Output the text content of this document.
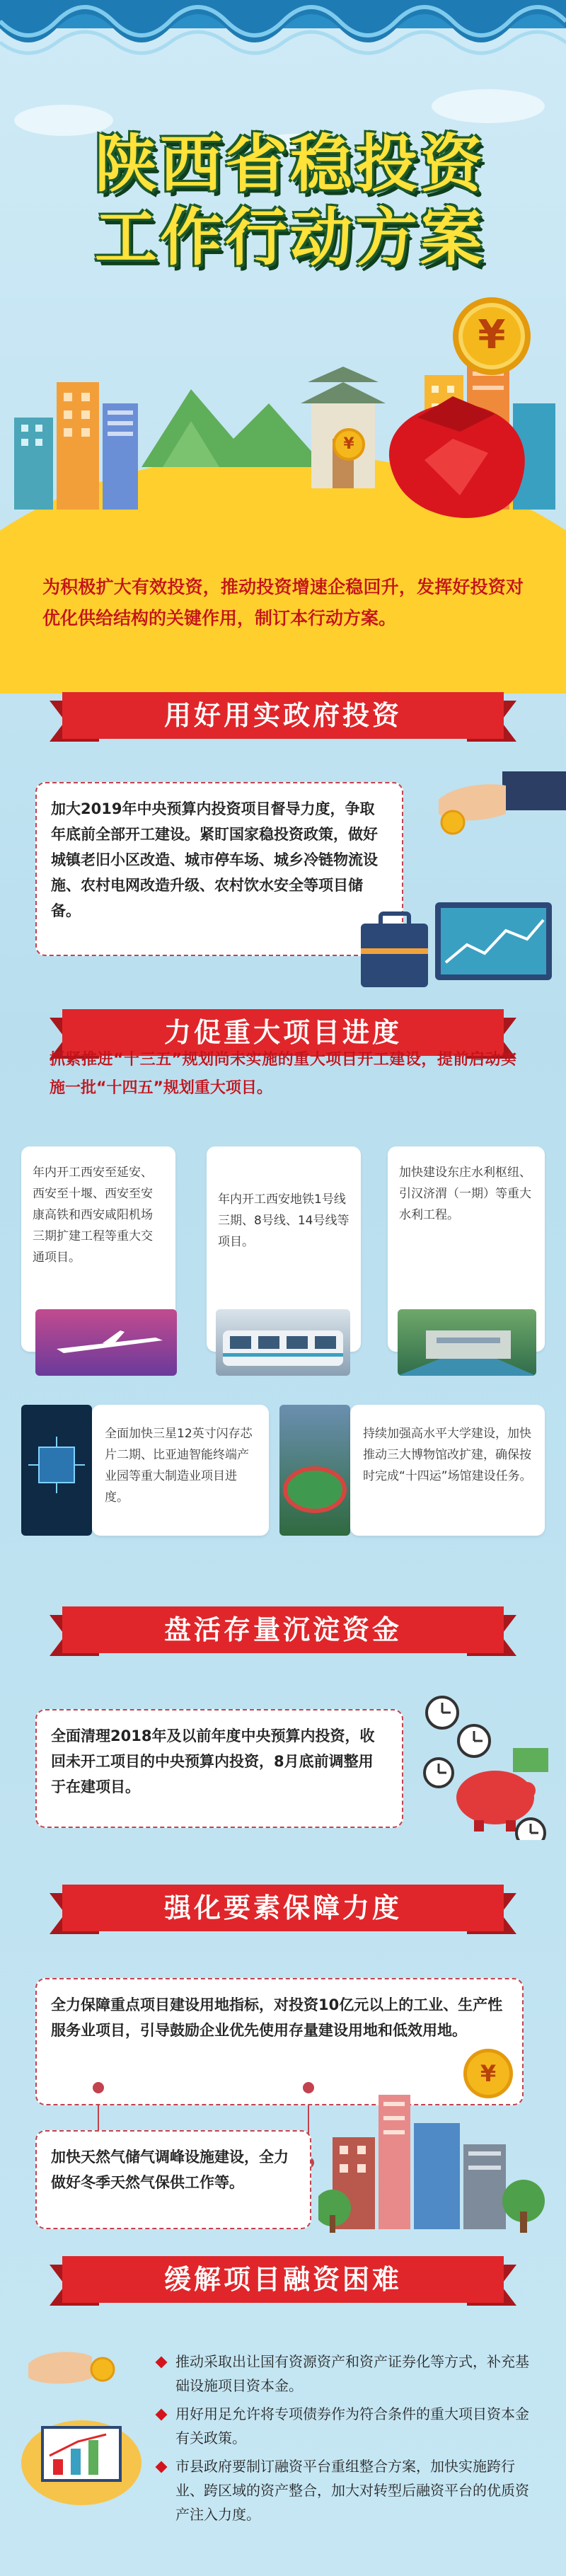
陕西省稳投资
工作行动方案
¥
¥
为积极扩大有效投资，推动投资增速企稳回升，发挥好投资对优化供给结构的关键作用，制订本行动方案。
用好用实政府投资
加大2019年中央预算内投资项目督导力度，争取年底前全部开工建设。紧盯国家稳投资政策，做好城镇老旧小区改造、城市停车场、城乡冷链物流设施、农村电网改造升级、农村饮水安全等项目储备。
力促重大项目进度
抓紧推进“十三五”规划尚未实施的重大项目开工建设，提前启动实施一批“十四五”规划重大项目。
年内开工西安至延安、西安至十堰、西安至安康高铁和西安咸阳机场三期扩建工程等重大交通项目。
年内开工西安地铁1号线三期、8号线、14号线等项目。
加快建设东庄水利枢纽、引汉济渭（一期）等重大水利工程。
全面加快三星12英寸闪存芯片二期、比亚迪智能终端产业园等重大制造业项目进度。
持续加强高水平大学建设，加快推动三大博物馆改扩建，确保按时完成“十四运”场馆建设任务。
盘活存量沉淀资金
全面清理2018年及以前年度中央预算内投资，收回未开工项目的中央预算内投资，8月底前调整用于在建项目。
强化要素保障力度
全力保障重点项目建设用地指标，对投资10亿元以上的工业、生产性服务业项目，引导鼓励企业优先使用存量建设用地和低效用地。
加快天然气储气调峰设施建设，全力做好冬季天然气保供工作等。
¥
缓解项目融资困难
推动采取出让国有资源资产和资产证券化等方式，补充基础设施项目资本金。
用好用足允许将专项债券作为符合条件的重大项目资本金有关政策。
市县政府要制订融资平台重组整合方案，加快实施跨行业、跨区域的资产整合，加大对转型后融资平台的优质资产注入力度。
